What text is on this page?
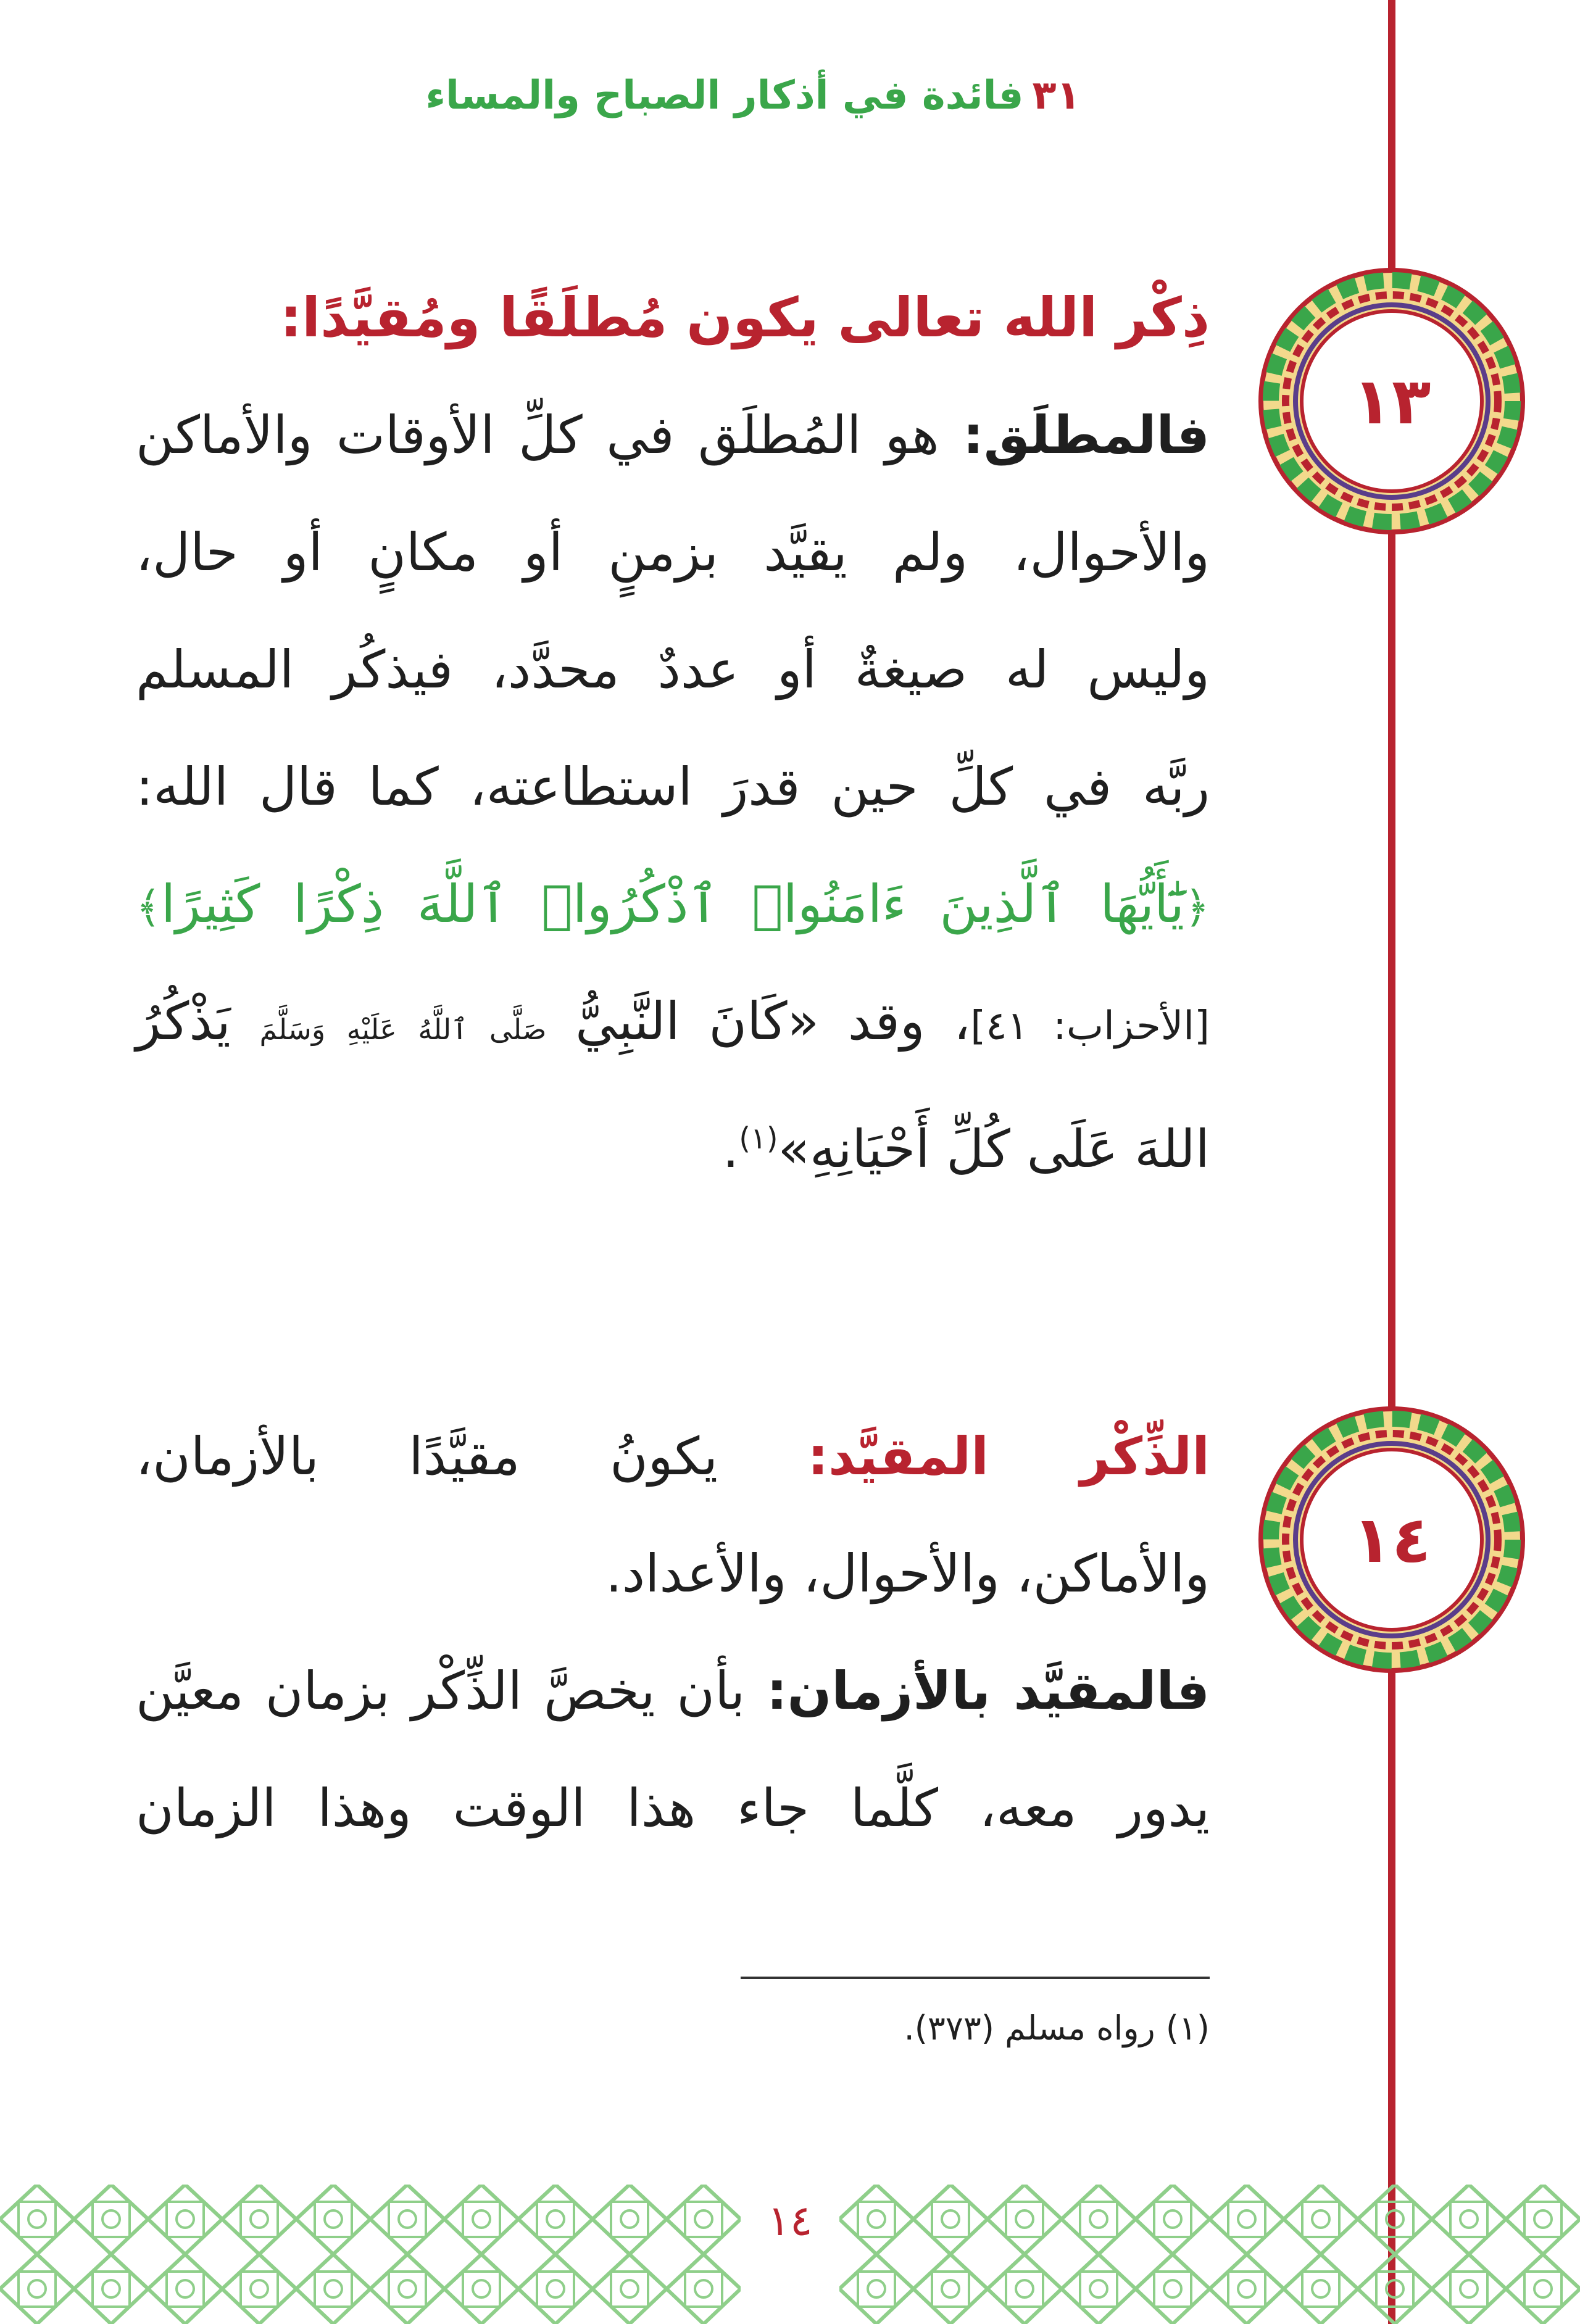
٣١فائدة في أذكار الصباح والمساء
١٣
١٤
ذِكْر الله تعالى يكون مُطلَقًا ومُقيَّدًا:
فالمطلَق: هو المُطلَق في كلِّ الأوقات والأماكن
والأحوال، ولم يقيَّد بزمنٍ أو مكانٍ أو حال،
وليس له صيغةٌ أو عددٌ محدَّد، فيذكُر المسلم
ربَّه في كلِّ حين قدرَ استطاعته، كما قال الله:
﴿يَٰٓأَيُّهَا ٱلَّذِينَ ءَامَنُوا۟ ٱذْكُرُوا۟ ٱللَّهَ ذِكْرًا كَثِيرًا﴾
[الأحزاب: ٤١]، وقد «كَانَ النَّبِيُّ صَلَّى ٱللَّهُ عَلَيْهِ وَسَلَّمَ يَذْكُرُ
اللهَ عَلَى كُلِّ أَحْيَانِهِ»$^{(١)}$.
الذِّكْر المقيَّد: يكونُ مقيَّدًا بالأزمان،
والأماكن، والأحوال، والأعداد.
فالمقيَّد بالأزمان: بأن يخصَّ الذِّكْر بزمان معيَّن
يدور معه، كلَّما جاء هذا الوقت وهذا الزمان
(١) رواه مسلم (٣٧٣).
١٤
